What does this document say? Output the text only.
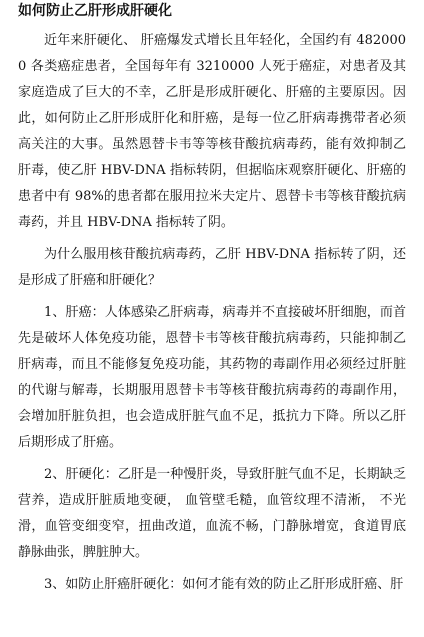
如何防止乙肝形成肝硬化

近年来肝硬化、 肝癌爆发式增长且年轻化，全国约有 4820000 各类癌症患者，全国每年有 3210000 人死于癌症，对患者及其家庭造成了巨大的不幸，乙肝是形成肝硬化、肝癌的主要原因。因此，如何防止乙肝形成肝化和肝癌，是每一位乙肝病毒携带者必须高关注的大事。虽然恩替卡韦等等核苷酸抗病毒药，能有效抑制乙肝毒，使乙肝 HBV-DNA 指标转阴，但据临床观察肝硬化、肝癌的患者中有 98%的患者都在服用拉米夫定片、恩替卡韦等核苷酸抗病毒药，并且 HBV-DNA 指标转了阴。

为什么服用核苷酸抗病毒药，乙肝 HBV-DNA 指标转了阴，还是形成了肝癌和肝硬化？

1、肝癌：人体感染乙肝病毒，病毒并不直接破坏肝细胞，而首先是破坏人体免疫功能，恩替卡韦等核苷酸抗病毒药，只能抑制乙肝病毒，而且不能修复免疫功能，其药物的毒副作用必须经过肝脏的代谢与解毒，长期服用恩替卡韦等核苷酸抗病毒药的毒副作用，会增加肝脏负担，也会造成肝脏气血不足，抵抗力下降。所以乙肝后期形成了肝癌。

2、肝硬化：乙肝是一种慢肝炎，导致肝脏气血不足，长期缺乏营养，造成肝脏质地变硬， 血管壁毛糙，血管纹理不清淅， 不光滑，血管变细变窄，扭曲改道，血流不畅，门静脉增宽，食道胃底静脉曲张，脾脏肿大。

3、如防止肝癌肝硬化：如何才能有效的防止乙肝形成肝癌、肝
